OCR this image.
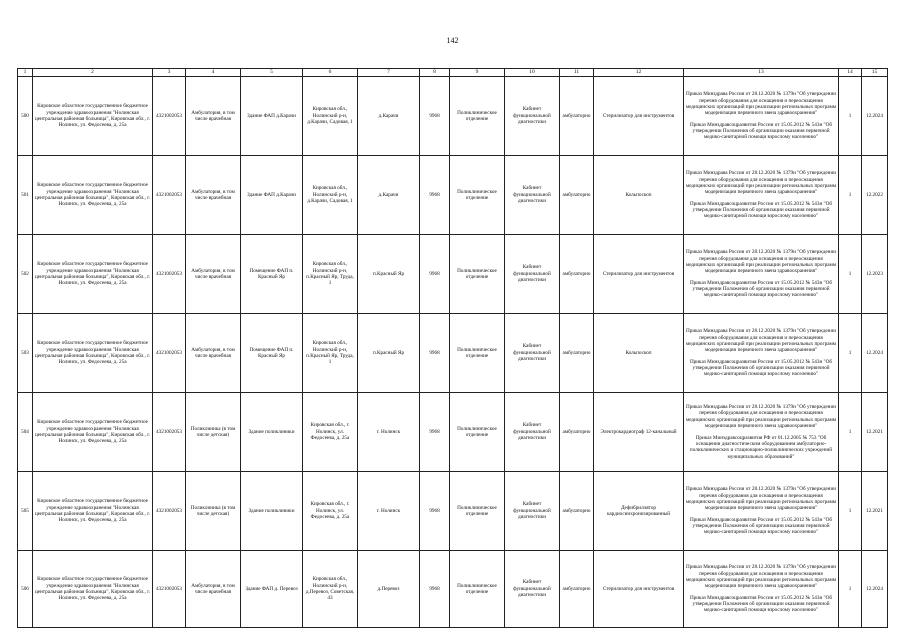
142
1	2	3	4	5	6	7	8	9	10	11	12	13	14	15
500	Кировское областное государственное бюджетное учреждение здравоохранения "Нолинская центральная районная больница", Кировская обл., г. Нолинск, ул. Федосеева, д. 25а	4321002053	Амбулатория, в том числе врачебная	Здание ФАП д.Карачи	Кировская обл., Нолинский р-н, д.Карачи, Садовая, 1	д.Карачи	9968	Поликлиническое отделение	Кабинет функциональной диагностики	амбулаторно	Стерилизатор для инструментов	Приказ Минздрава России от 28.12.2020 № 1379н "Об утверждении перечня оборудования для оснащения и переоснащения медицинских организаций при реализации региональных программ модернизации первичного звена здравоохранения"

Приказ Минздравсоцразвития России от 15.05.2012 № 543н "Об утверждении Положения об организации оказания первичной медико-санитарной помощи взрослому населению"	1	12.2024
501	Кировское областное государственное бюджетное учреждение здравоохранения "Нолинская центральная районная больница", Кировская обл., г. Нолинск, ул. Федосеева, д. 25а	4321002053	Амбулатория, в том числе врачебная	Здание ФАП д.Карачи	Кировская обл., Нолинский р-н, д.Карачи, Садовая, 1	д.Карачи	9968	Поликлиническое отделение	Кабинет функциональной диагностики	амбулаторно	Кольпоскоп	Приказ Минздрава России от 28.12.2020 № 1379н "Об утверждении перечня оборудования для оснащения и переоснащения медицинских организаций при реализации региональных программ модернизации первичного звена здравоохранения"

Приказ Минздравсоцразвития России от 15.05.2012 № 543н "Об утверждении Положения об организации оказания первичной медико-санитарной помощи взрослому населению"	1	12.2022
502	Кировское областное государственное бюджетное учреждение здравоохранения "Нолинская центральная районная больница", Кировская обл., г. Нолинск, ул. Федосеева, д. 25а	4321002053	Амбулатория, в том числе врачебная	Помещение ФАП п. Красный Яр	Кировская обл., Нолинский р-н, п.Красный Яр, Труда, 1	п.Красный Яр	9968	Поликлиническое отделение	Кабинет функциональной диагностики	амбулаторно	Стерилизатор для инструментов	Приказ Минздрава России от 28.12.2020 № 1379н "Об утверждении перечня оборудования для оснащения и переоснащения медицинских организаций при реализации региональных программ модернизации первичного звена здравоохранения"

Приказ Минздравсоцразвития России от 15.05.2012 № 543н "Об утверждении Положения об организации оказания первичной медико-санитарной помощи взрослому населению"	1	12.2023
503	Кировское областное государственное бюджетное учреждение здравоохранения "Нолинская центральная районная больница", Кировская обл., г. Нолинск, ул. Федосеева, д. 25а	4321002053	Амбулатория, в том числе врачебная	Помещение ФАП п. Красный Яр	Кировская обл., Нолинский р-н, п.Красный Яр, Труда, 1	п.Красный Яр	9968	Поликлиническое отделение	Кабинет функциональной диагностики	амбулаторно	Кольпоскоп	Приказ Минздрава России от 28.12.2020 № 1379н "Об утверждении перечня оборудования для оснащения и переоснащения медицинских организаций при реализации региональных программ модернизации первичного звена здравоохранения"

Приказ Минздравсоцразвития России от 15.05.2012 № 543н "Об утверждении Положения об организации оказания первичной медико-санитарной помощи взрослому населению"	1	12.2024
504	Кировское областное государственное бюджетное учреждение здравоохранения "Нолинская центральная районная больница", Кировская обл., г. Нолинск, ул. Федосеева, д. 25а	4321002053	Поликлиника (в том числе детская)	Здание поликлиники	Кировская обл., г. Нолинск, ул. Федосеева, д. 25а	г. Нолинск	9968	Поликлиническое отделение	Кабинет функциональной диагностики	амбулаторно	Электрокардиограф 12-канальный	Приказ Минздрава России от 28.12.2020 № 1379н "Об утверждении перечня оборудования для оснащения и переоснащения медицинских организаций при реализации региональных программ модернизации первичного звена здравоохранения"

Приказ Минздравсоцразвития РФ от 01.12.2005 № 753 "Об оснащении диагностическим оборудованием амбулаторно-поликлинических и стационарно-поликлинических учреждений муниципальных образований"	1	12.2021
505	Кировское областное государственное бюджетное учреждение здравоохранения "Нолинская центральная районная больница", Кировская обл., г. Нолинск, ул. Федосеева, д. 25а	4321002053	Поликлиника (в том числе детская)	Здание поликлиники	Кировская обл., г. Нолинск, ул. Федосеева, д. 25а	г. Нолинск	9968	Поликлиническое отделение	Кабинет функциональной диагностики	амбулаторно	Дефибриллятор кардиосинхронизированный	Приказ Минздрава России от 28.12.2020 № 1379н "Об утверждении перечня оборудования для оснащения и переоснащения медицинских организаций при реализации региональных программ модернизации первичного звена здравоохранения"

Приказ Минздравсоцразвития России от 15.05.2012 № 543н "Об утверждении Положения об организации оказания первичной медико-санитарной помощи взрослому населению"	1	12.2021
506	Кировское областное государственное бюджетное учреждение здравоохранения "Нолинская центральная районная больница", Кировская обл., г. Нолинск, ул. Федосеева, д. 25а	4321002053	Амбулатория, в том числе врачебная	Здание ФАП д. Перевоз	Кировская обл., Нолинский р-н, д.Перевоз, Советская, 43	д.Перевоз	9968	Поликлиническое отделение	Кабинет функциональной диагностики	амбулаторно	Стерилизатор для инструментов	Приказ Минздрава России от 28.12.2020 № 1379н "Об утверждении перечня оборудования для оснащения и переоснащения медицинских организаций при реализации региональных программ модернизации первичного звена здравоохранения"

Приказ Минздравсоцразвития России от 15.05.2012 № 543н "Об утверждении Положения об организации оказания первичной медико-санитарной помощи взрослому населению"	1	12.2024
